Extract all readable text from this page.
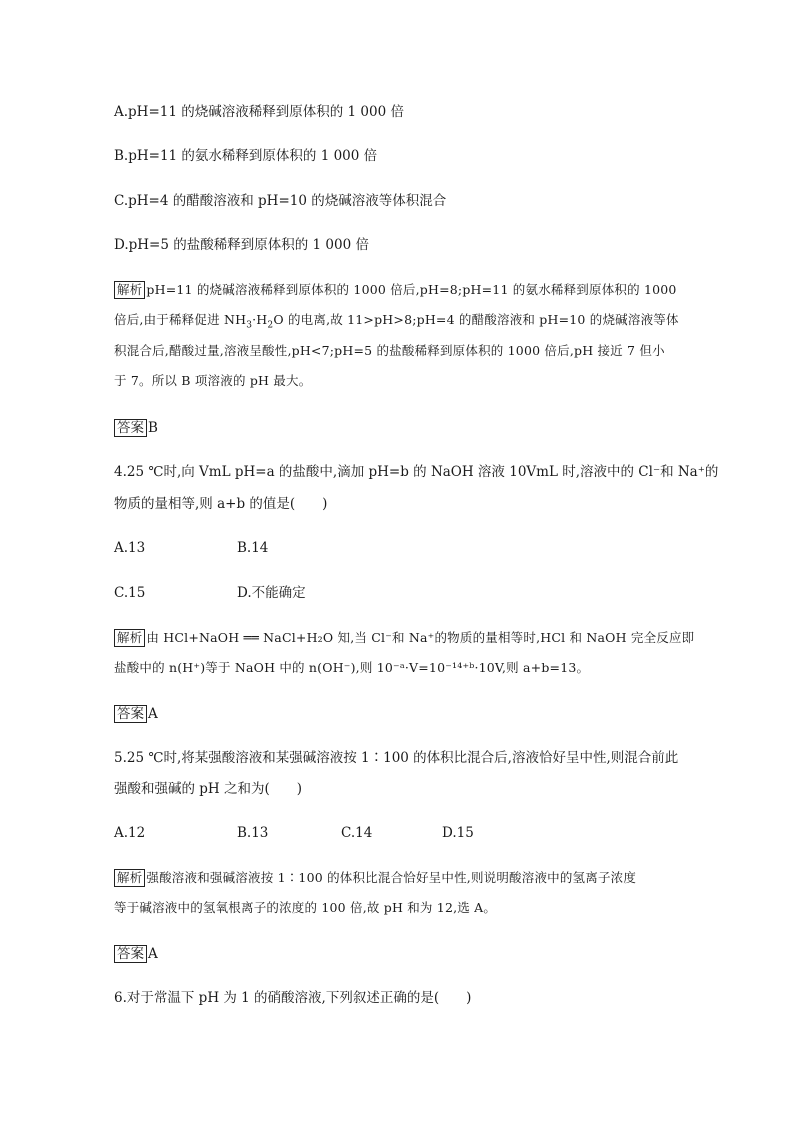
A.pH=11 的烧碱溶液稀释到原体积的 1 000 倍
B.pH=11 的氨水稀释到原体积的 1 000 倍
C.pH=4 的醋酸溶液和 pH=10 的烧碱溶液等体积混合
D.pH=5 的盐酸稀释到原体积的 1 000 倍
解析 pH=11 的烧碱溶液稀释到原体积的 1000 倍后,pH=8;pH=11 的氨水稀释到原体积的 1000
倍后,由于稀释促进 $NH_3\cdot H_2O$ 的电离,故 11>pH>8;pH=4 的醋酸溶液和 pH=10 的烧碱溶液等体
积混合后,醋酸过量,溶液呈酸性,pH<7;pH=5 的盐酸稀释到原体积的 1000 倍后,pH 接近 7 但小
于 7。所以 B 项溶液的 pH 最大。
答案 B
4.25 ℃时,向 VmL pH=a 的盐酸中,滴加 pH=b 的 NaOH 溶液 10VmL 时,溶液中的 Cl⁻和 Na⁺的
物质的量相等,则 a+b 的值是(　　)
A.13	B.14
C.15	D.不能确定
解析 由 HCl+NaOH ══ NaCl+H₂O 知,当 Cl⁻和 Na⁺的物质的量相等时,HCl 和 NaOH 完全反应即
盐酸中的 n(H⁺)等于 NaOH 中的 n(OH⁻),则 10⁻ᵃ·V=10⁻¹⁴⁺ᵇ·10V,则 a+b=13。
答案 A
5.25 ℃时,将某强酸溶液和某强碱溶液按 1∶100 的体积比混合后,溶液恰好呈中性,则混合前此
强酸和强碱的 pH 之和为(　　)
A.12	B.13	C.14	D.15
解析 强酸溶液和强碱溶液按 1∶100 的体积比混合恰好呈中性,则说明酸溶液中的氢离子浓度
等于碱溶液中的氢氧根离子的浓度的 100 倍,故 pH 和为 12,选 A。
答案 A
6.对于常温下 pH 为 1 的硝酸溶液,下列叙述正确的是(　　)
